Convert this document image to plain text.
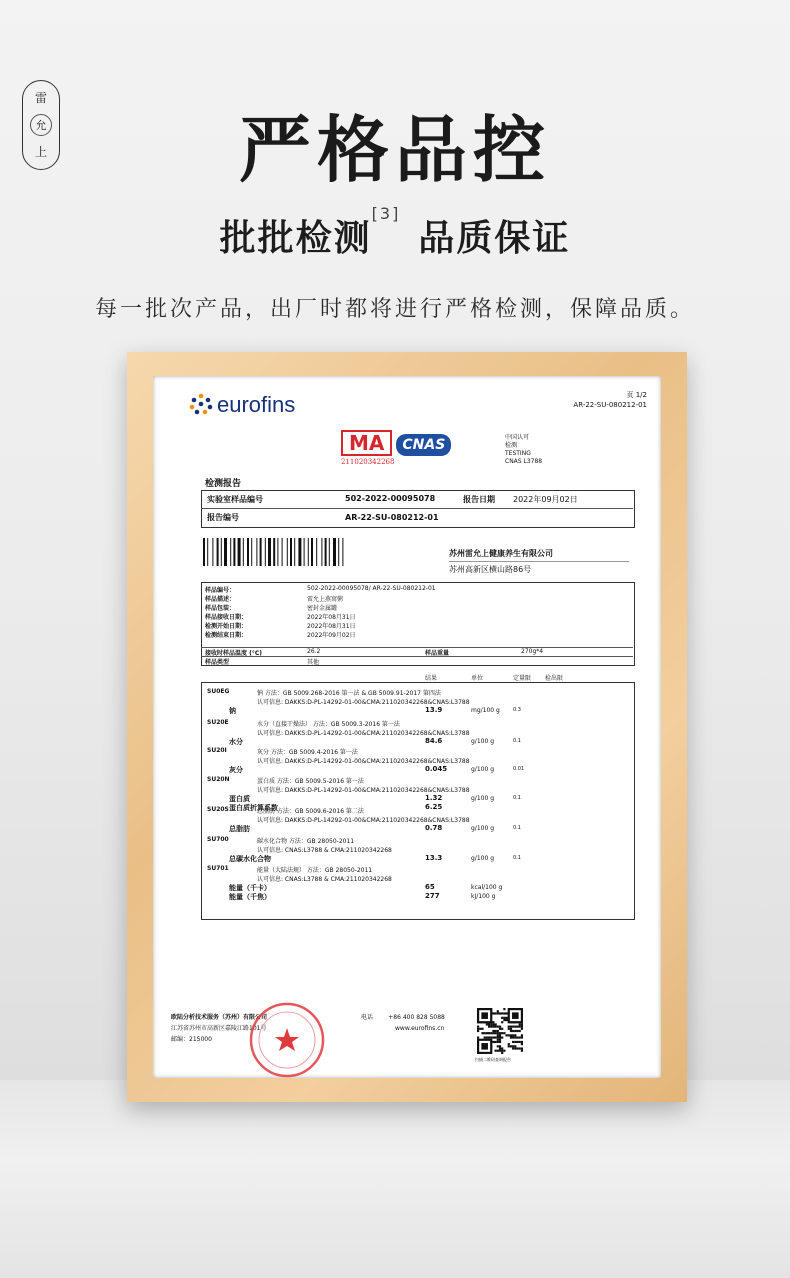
雷
允
上	严格品控
批批检测[3]品质保证
每一批次产品，出厂时都将进行严格检测，保障品质。
eurofins	页 1/2
AR-22-SU-080212-01
MA CNAS
211020342268
中国认可
检测
TESTING
CNAS L3788
检测报告
实验室样品编号	502-2022-00095078	报告日期 2022年09月02日
报告编号	AR-22-SU-080212-01
苏州雷允上健康养生有限公司
苏州高新区横山路86号
样品编号：	502-2022-00095078/ AR-22-SU-080212-01
样品描述：	雷允上燕窝粥
样品包装：	密封金属罐
样品接收日期：	2022年08月31日
检测开始日期：	2022年08月31日
检测结束日期：	2022年09月02日
接收时样品温度 (°C)	26.2	样品重量	270g*4
样品类型	其他
结果	单位	定量限 检出限
SU0EG	钠 方法：GB 5009.268-2016 第一法 & GB 5009.91-2017 第四法
认可信息: DAKKS:D-PL-14292-01-00&CMA:211020342268&CNAS:L3788
钠	13.9	mg/100 g	0.3
SU20E	水分（直接干燥法） 方法：GB 5009.3-2016 第一法
认可信息: DAKKS:D-PL-14292-01-00&CMA:211020342268&CNAS:L3788
水分	84.6	g/100 g	0.1
SU20I	灰分 方法：GB 5009.4-2016 第一法
认可信息: DAKKS:D-PL-14292-01-00&CMA:211020342268&CNAS:L3788
灰分	0.045	g/100 g	0.01
SU20N	蛋白质 方法：GB 5009.5-2016 第一法
认可信息: DAKKS:D-PL-14292-01-00&CMA:211020342268&CNAS:L3788
蛋白质	1.32	g/100 g	0.1
蛋白质折算系数	6.25
SU20S	总脂肪 方法：GB 5009.6-2016 第二法
认可信息: DAKKS:D-PL-14292-01-00&CMA:211020342268&CNAS:L3788
总脂肪	0.78	g/100 g	0.1
SU700	碳水化合物 方法：GB 28050-2011
认可信息: CNAS:L3788 & CMA:211020342268
总碳水化合物	13.3	g/100 g	0.1
SU701	能量（大陆法规） 方法：GB 28050-2011
认可信息: CNAS:L3788 & CMA:211020342268
能量（千卡）	65	kcal/100 g
能量（千焦）	277	kJ/100 g
欧陆分析技术服务（苏州）有限公司
江苏省苏州市高新区嘉陵江路101号
邮编：215000
电话	+86 400 828 5088
www.eurofins.cn
扫描二维码查询报告
